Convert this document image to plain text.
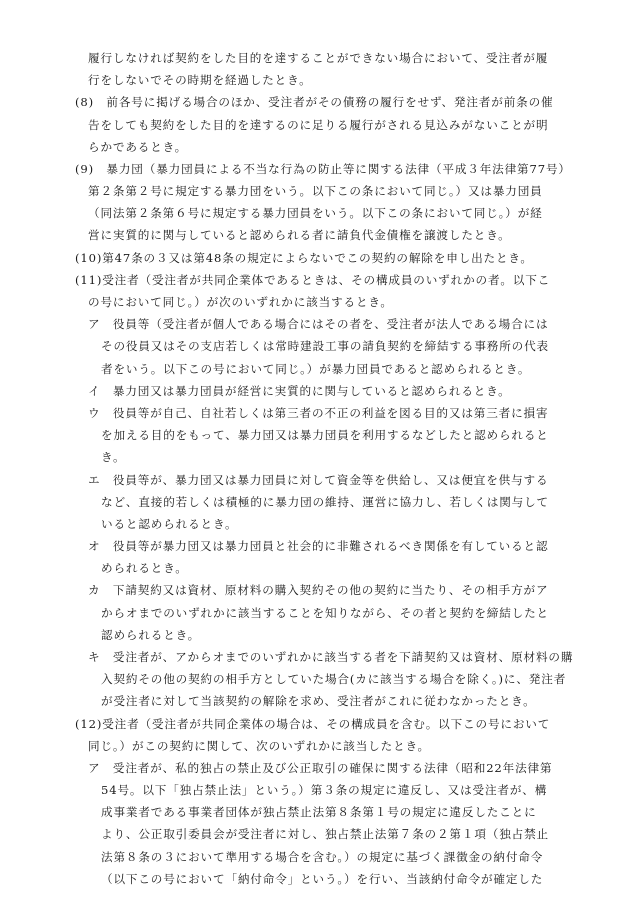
履行しなければ契約をした目的を達することができない場合において、受注者が履
行をしないでその時期を経過したとき。
(8)　前各号に掲げる場合のほか、受注者がその債務の履行をせず、発注者が前条の催
告をしても契約をした目的を達するのに足りる履行がされる見込みがないことが明
らかであるとき。
(9)　暴力団（暴力団員による不当な行為の防止等に関する法律（平成３年法律第77号）
第２条第２号に規定する暴力団をいう。以下この条において同じ。）又は暴力団員
（同法第２条第６号に規定する暴力団員をいう。以下この条において同じ。）が経
営に実質的に関与していると認められる者に請負代金債権を譲渡したとき。
(10)第47条の３又は第48条の規定によらないでこの契約の解除を申し出たとき。
(11)受注者（受注者が共同企業体であるときは、その構成員のいずれかの者。以下こ
の号において同じ。）が次のいずれかに該当するとき。
ア　役員等（受注者が個人である場合にはその者を、受注者が法人である場合には
その役員又はその支店若しくは常時建設工事の請負契約を締結する事務所の代表
者をいう。以下この号において同じ。）が暴力団員であると認められるとき。
イ　暴力団又は暴力団員が経営に実質的に関与していると認められるとき。
ウ　役員等が自己、自社若しくは第三者の不正の利益を図る目的又は第三者に損害
を加える目的をもって、暴力団又は暴力団員を利用するなどしたと認められると
き。
エ　役員等が、暴力団又は暴力団員に対して資金等を供給し、又は便宜を供与する
など、直接的若しくは積極的に暴力団の維持、運営に協力し、若しくは関与して
いると認められるとき。
オ　役員等が暴力団又は暴力団員と社会的に非難されるべき関係を有していると認
められるとき。
カ　下請契約又は資材、原材料の購入契約その他の契約に当たり、その相手方がア
からオまでのいずれかに該当することを知りながら、その者と契約を締結したと
認められるとき。
キ　受注者が、アからオまでのいずれかに該当する者を下請契約又は資材、原材料の購
入契約その他の契約の相手方としていた場合(カに該当する場合を除く。)に、発注者
が受注者に対して当該契約の解除を求め、受注者がこれに従わなかったとき。
(12)受注者（受注者が共同企業体の場合は、その構成員を含む。以下この号において
同じ。）がこの契約に関して、次のいずれかに該当したとき。
ア　受注者が、私的独占の禁止及び公正取引の確保に関する法律（昭和22年法律第
54号。以下「独占禁止法」という。）第３条の規定に違反し、又は受注者が、構
成事業者である事業者団体が独占禁止法第８条第１号の規定に違反したことに
より、公正取引委員会が受注者に対し、独占禁止法第７条の２第１項（独占禁止
法第８条の３において準用する場合を含む。）の規定に基づく課徴金の納付命令
（以下この号において「納付命令」という。）を行い、当該納付命令が確定した
